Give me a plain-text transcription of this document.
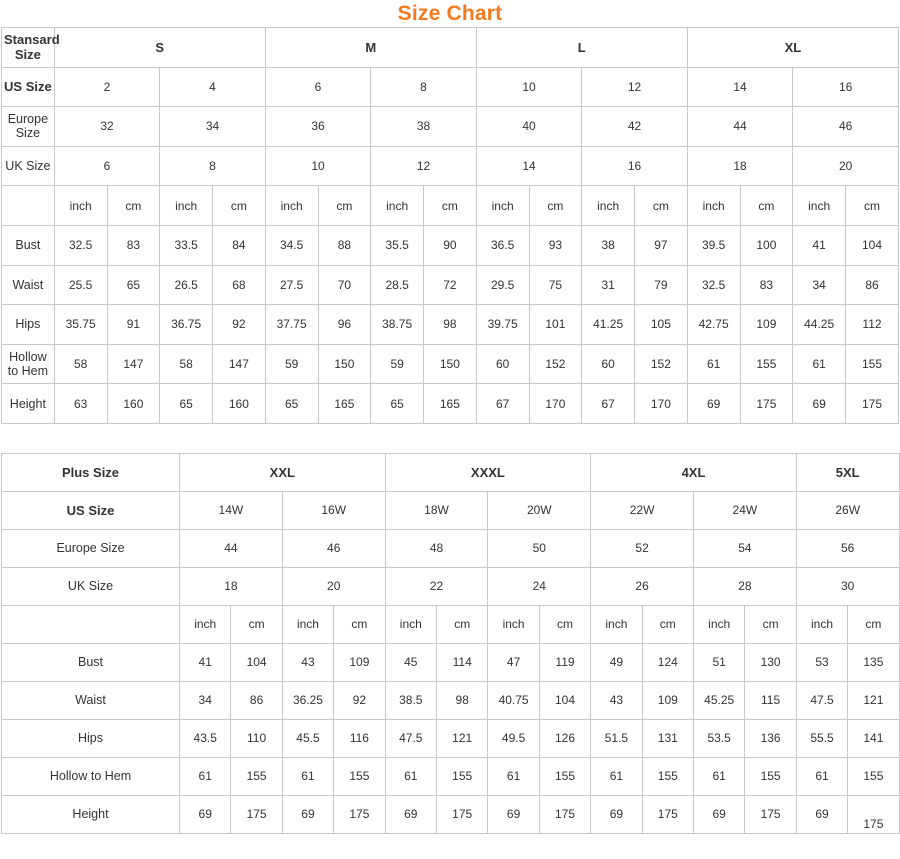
Size Chart
Stansard Size	S				M				L				XL			
US Size	2		4		6		8		10		12		14		16	
Europe Size	32		34		36		38		40		42		44		46	
UK Size	6		8		10		12		14		16		18		20	
	inch	cm	inch	cm	inch	cm	inch	cm	inch	cm	inch	cm	inch	cm	inch	cm
Bust	32.5	83	33.5	84	34.5	88	35.5	90	36.5	93	38	97	39.5	100	41	104
Waist	25.5	65	26.5	68	27.5	70	28.5	72	29.5	75	31	79	32.5	83	34	86
Hips	35.75	91	36.75	92	37.75	96	38.75	98	39.75	101	41.25	105	42.75	109	44.25	112
Hollow to Hem	58	147	58	147	59	150	59	150	60	152	60	152	61	155	61	155
Height	63	160	65	160	65	165	65	165	67	170	67	170	69	175	69	175
Plus Size	XXL				XXXL				4XL				5XL	
US Size	14W		16W		18W		20W		22W		24W		26W	
Europe Size	44		46		48		50		52		54		56	
UK Size	18		20		22		24		26		28		30	
	inch	cm	inch	cm	inch	cm	inch	cm	inch	cm	inch	cm	inch	cm
Bust	41	104	43	109	45	114	47	119	49	124	51	130	53	135
Waist	34	86	36.25	92	38.5	98	40.75	104	43	109	45.25	115	47.5	121
Hips	43.5	110	45.5	116	47.5	121	49.5	126	51.5	131	53.5	136	55.5	141
Hollow to Hem	61	155	61	155	61	155	61	155	61	155	61	155	61	155
Height	69	175	69	175	69	175	69	175	69	175	69	175	69	175
